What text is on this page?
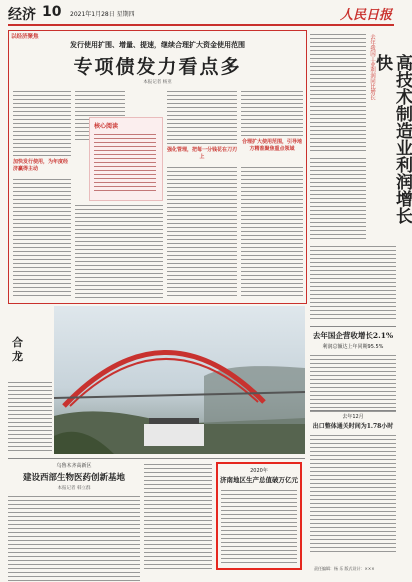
经济 10 2021年1月28日 星期四	人民日报
以经济聚焦
发行使用扩围、增量、提速，继续合理扩大资金使用范围
专项债发力看点多
本报记者 杨亚
加快发行使用，为年度经济赢得主动
核心阅读
强化管理，把每一分钱花在刀刃上
合理扩大使用范围，引导地方精准聚焦重点领域
去年我国工业利润同比增长	高技术制造业利润增长快
合龙
去年国企营收增长2.1%
利润总额达上年同期95.5%
去年12月
出口整体通关时间为1.78小时
乌鲁木齐高新区
建设西部生物医药创新基地
本报记者 韩立群
2020年
济南地区生产总值破万亿元
责任编辑：杨 乐 版式设计：×××
